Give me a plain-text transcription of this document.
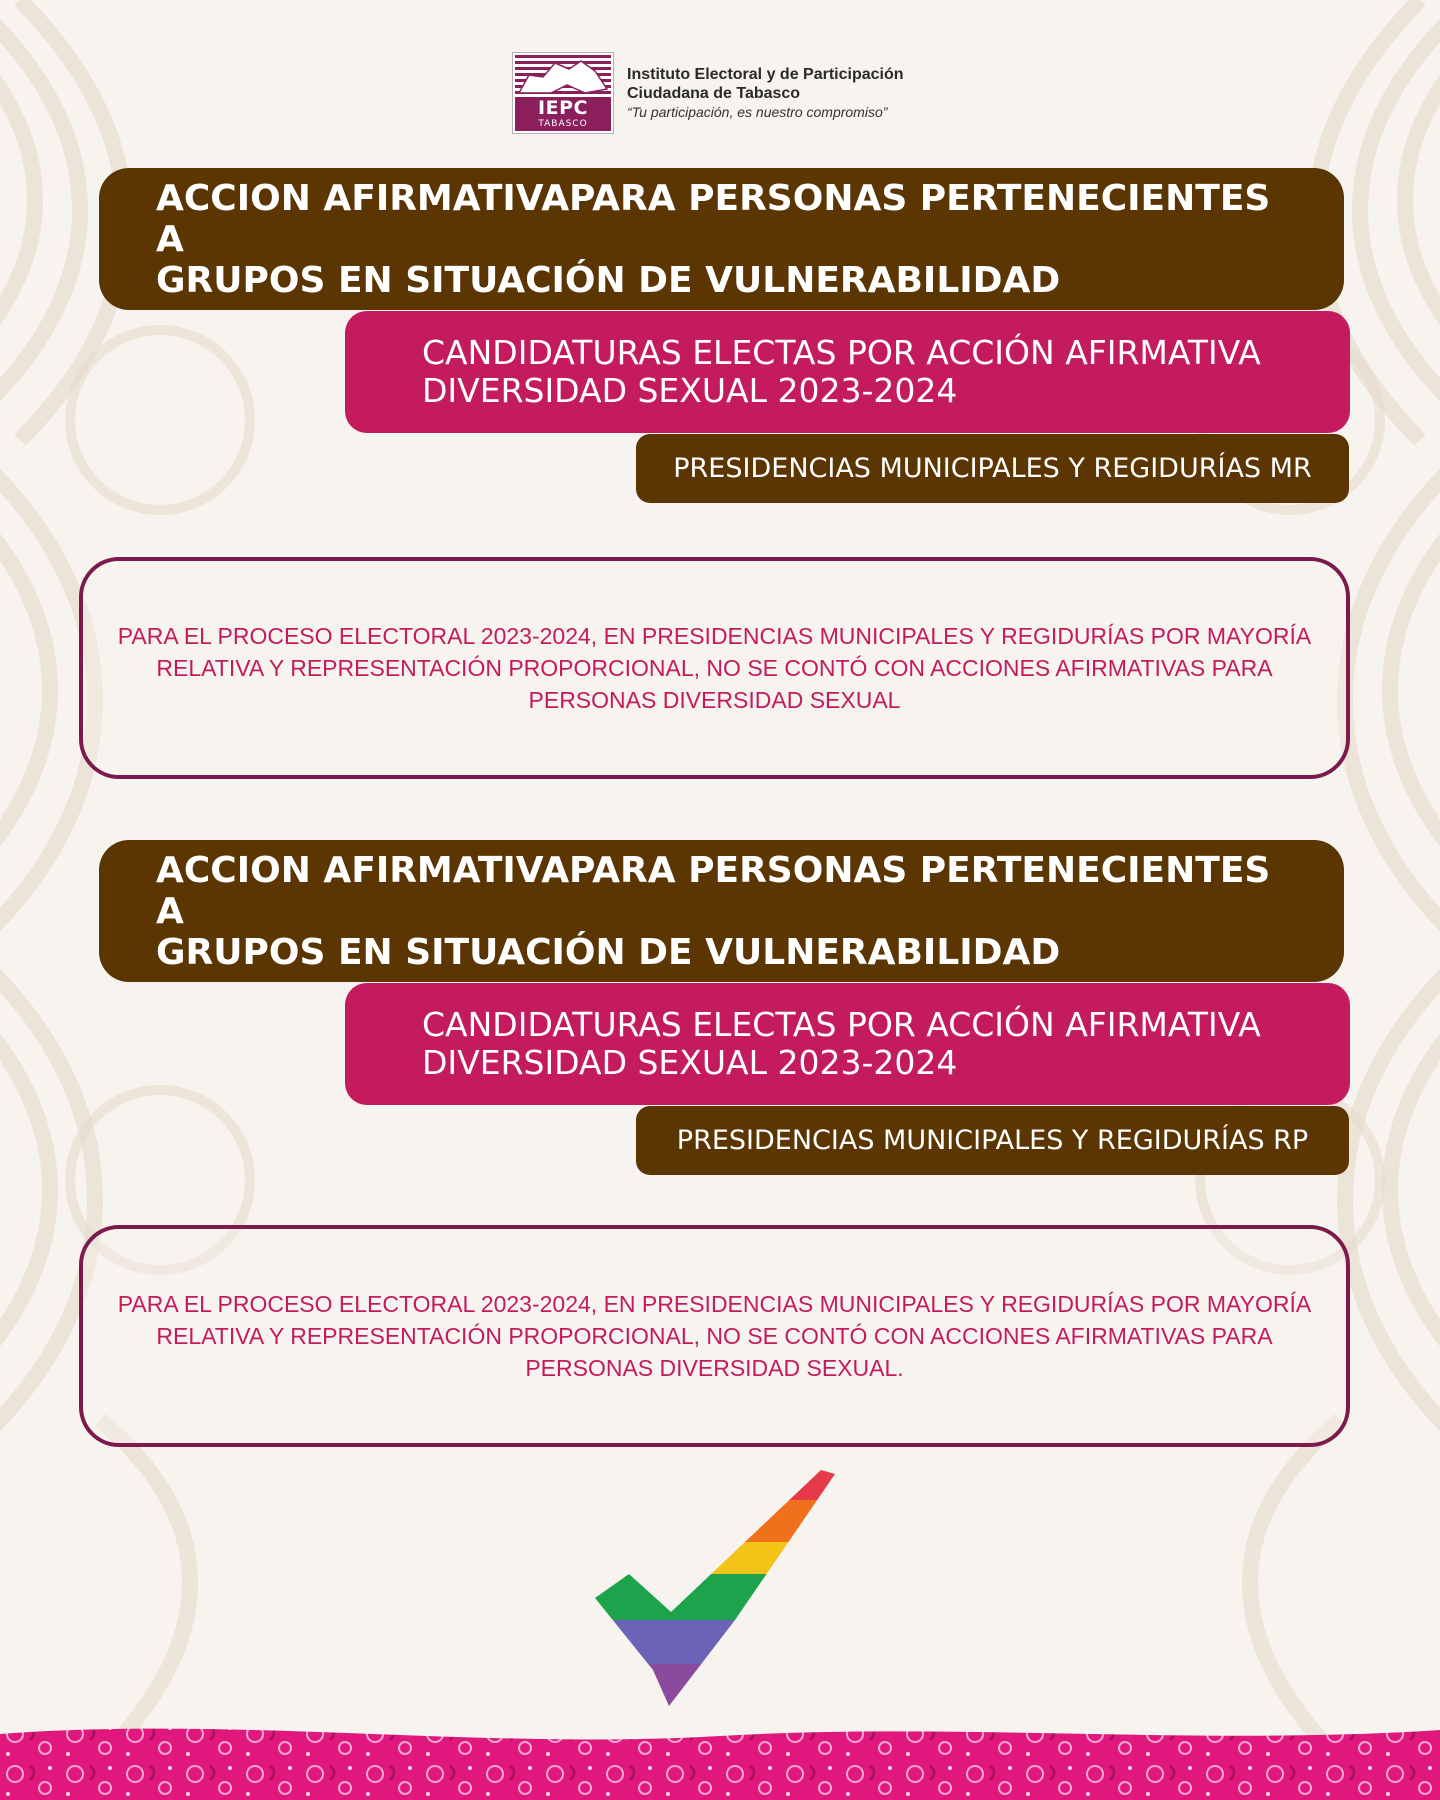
IEPC
TABASCO
Instituto Electoral y de Participación
Ciudadana de Tabasco
“Tu participación, es nuestro compromiso”
ACCION AFIRMATIVAPARA PERSONAS PERTENECIENTES A
GRUPOS EN SITUACIÓN DE VULNERABILIDAD
CANDIDATURAS ELECTAS POR ACCIÓN AFIRMATIVA
DIVERSIDAD SEXUAL 2023-2024
PRESIDENCIAS MUNICIPALES Y REGIDURÍAS MR
PARA EL PROCESO ELECTORAL 2023-2024, EN PRESIDENCIAS MUNICIPALES Y REGIDURÍAS POR MAYORÍA
RELATIVA Y REPRESENTACIÓN PROPORCIONAL, NO SE CONTÓ CON ACCIONES AFIRMATIVAS PARA
PERSONAS DIVERSIDAD SEXUAL
ACCION AFIRMATIVAPARA PERSONAS PERTENECIENTES A
GRUPOS EN SITUACIÓN DE VULNERABILIDAD
CANDIDATURAS ELECTAS POR ACCIÓN AFIRMATIVA
DIVERSIDAD SEXUAL 2023-2024
PRESIDENCIAS MUNICIPALES Y REGIDURÍAS RP
PARA EL PROCESO ELECTORAL 2023-2024, EN PRESIDENCIAS MUNICIPALES Y REGIDURÍAS POR MAYORÍA
RELATIVA Y REPRESENTACIÓN PROPORCIONAL, NO SE CONTÓ CON ACCIONES AFIRMATIVAS PARA
PERSONAS DIVERSIDAD SEXUAL.
